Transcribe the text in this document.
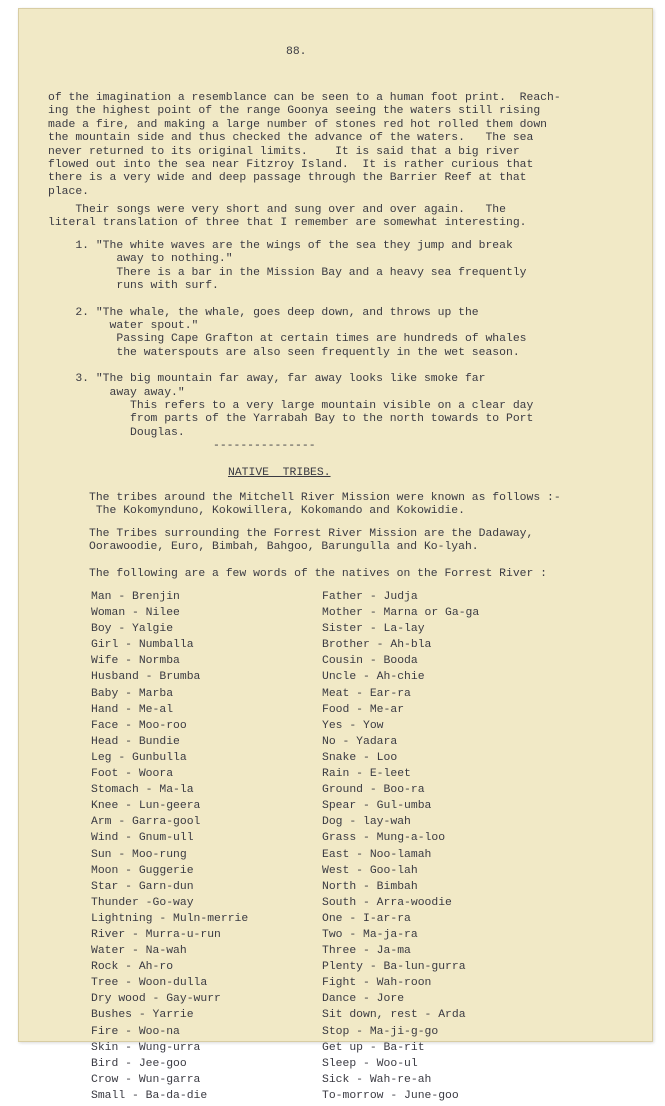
88.
of the imagination a resemblance can be seen to a human foot print.  Reach-
ing the highest point of the range Goonya seeing the waters still rising
made a fire, and making a large number of stones red hot rolled them down
the mountain side and thus checked the advance of the waters.   The sea
never returned to its original limits.    It is said that a big river
flowed out into the sea near Fitzroy Island.  It is rather curious that
there is a very wide and deep passage through the Barrier Reef at that
place.
Their songs were very short and sung over and over again.   The
literal translation of three that I remember are somewhat interesting.
1. "The white waves are the wings of the sea they jump and break
away to nothing."
There is a bar in the Mission Bay and a heavy sea frequently
runs with surf.
2. "The whale, the whale, goes deep down, and throws up the
water spout."
Passing Cape Grafton at certain times are hundreds of whales
the waterspouts are also seen frequently in the wet season.
3. "The big mountain far away, far away looks like smoke far
away away."
This refers to a very large mountain visible on a clear day
from parts of the Yarrabah Bay to the north towards to Port
Douglas.
---------------
NATIVE  TRIBES.
The tribes around the Mitchell River Mission were known as follows :-
The Kokomynduno, Kokowillera, Kokomando and Kokowidie.
The Tribes surrounding the Forrest River Mission are the Dadaway,
Oorawoodie, Euro, Bimbah, Bahgoo, Barungulla and Ko-lyah.
The following are a few words of the natives on the Forrest River :
Man - Brenjin
Woman - Nilee
Boy - Yalgie
Girl - Numballa
Wife - Normba
Husband - Brumba
Baby - Marba
Hand - Me-al
Face - Moo-roo
Head - Bundie
Leg - Gunbulla
Foot - Woora
Stomach - Ma-la
Knee - Lun-geera
Arm - Garra-gool
Wind - Gnum-ull
Sun - Moo-rung
Moon - Guggerie
Star - Garn-dun
Thunder -Go-way
Lightning - Muln-merrie
River - Murra-u-run
Water - Na-wah
Rock - Ah-ro
Tree - Woon-dulla
Dry wood - Gay-wurr
Bushes - Yarrie
Fire - Woo-na
Skin - Wung-urra
Bird - Jee-goo
Crow - Wun-garra
Small - Ba-da-die
Father - Judja
Mother - Marna or Ga-ga
Sister - La-lay
Brother - Ah-bla
Cousin - Booda
Uncle - Ah-chie
Meat - Ear-ra
Food - Me-ar
Yes - Yow
No - Yadara
Snake - Loo
Rain - E-leet
Ground - Boo-ra
Spear - Gul-umba
Dog - lay-wah
Grass - Mung-a-loo
East - Noo-lamah
West - Goo-lah
North - Bimbah
South - Arra-woodie
One - I-ar-ra
Two - Ma-ja-ra
Three - Ja-ma
Plenty - Ba-lun-gurra
Fight - Wah-roon
Dance - Jore
Sit down, rest - Arda
Stop - Ma-ji-g-go
Get up - Ba-rit
Sleep - Woo-ul
Sick - Wah-re-ah
To-morrow - June-goo
